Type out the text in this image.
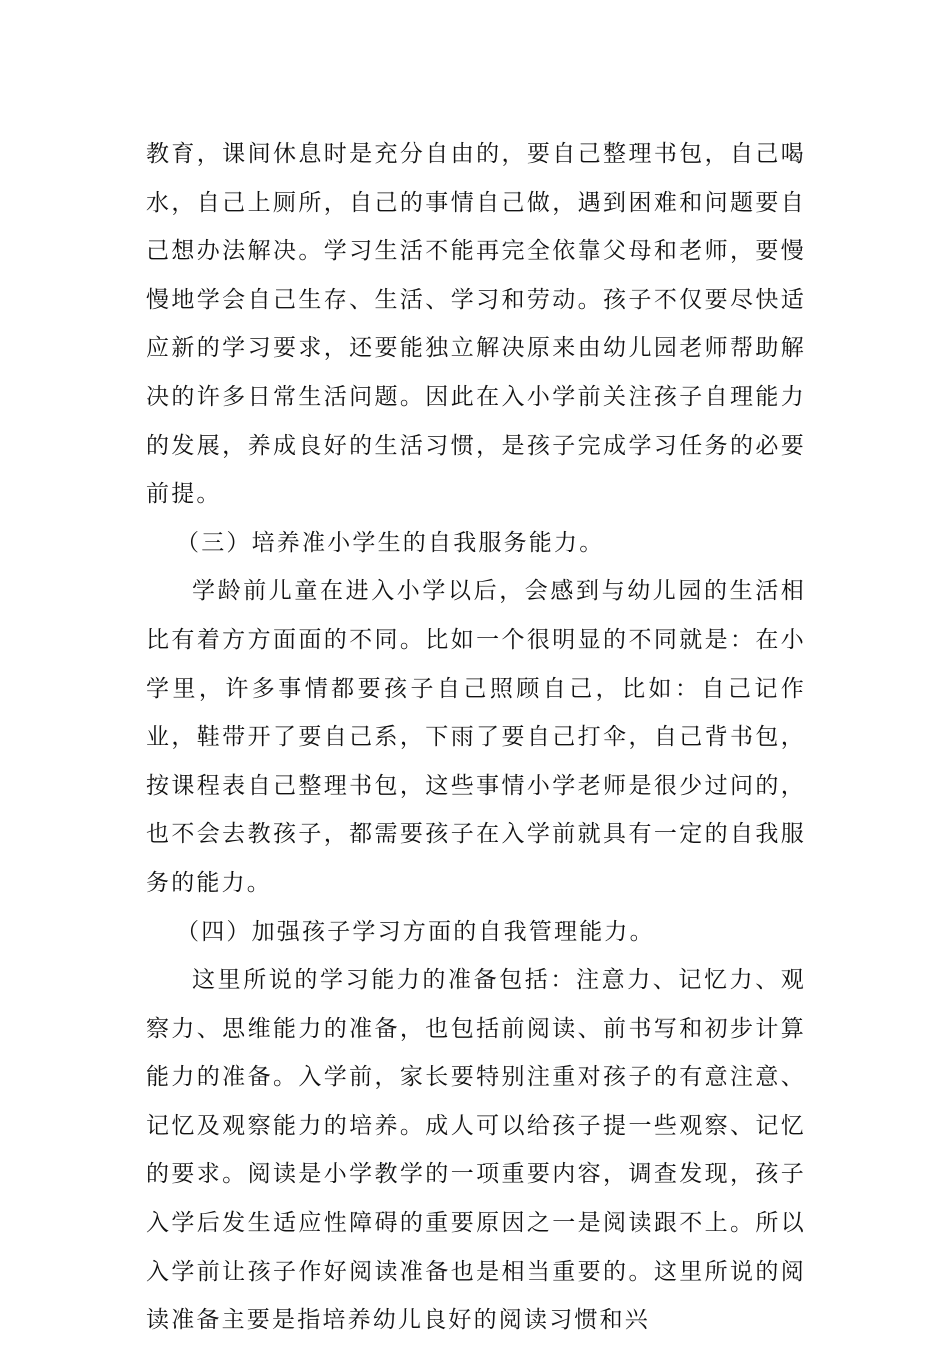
教育，课间休息时是充分自由的，要自己整理书包，自己喝水，自己上厕所，自己的事情自己做，遇到困难和问题要自己想办法解决。学习生活不能再完全依靠父母和老师，要慢慢地学会自己生存、生活、学习和劳动。孩子不仅要尽快适应新的学习要求，还要能独立解决原来由幼儿园老师帮助解决的许多日常生活问题。因此在入小学前关注孩子自理能力的发展，养成良好的生活习惯，是孩子完成学习任务的必要前提。

（三）培养准小学生的自我服务能力。

学龄前儿童在进入小学以后，会感到与幼儿园的生活相比有着方方面面的不同。比如一个很明显的不同就是：在小学里，许多事情都要孩子自己照顾自己，比如：自己记作业，鞋带开了要自己系，下雨了要自己打伞，自己背书包，按课程表自己整理书包，这些事情小学老师是很少过问的，也不会去教孩子，都需要孩子在入学前就具有一定的自我服务的能力。

（四）加强孩子学习方面的自我管理能力。

这里所说的学习能力的准备包括：注意力、记忆力、观察力、思维能力的准备，也包括前阅读、前书写和初步计算能力的准备。入学前，家长要特别注重对孩子的有意注意、记忆及观察能力的培养。成人可以给孩子提一些观察、记忆的要求。阅读是小学教学的一项重要内容，调查发现，孩子入学后发生适应性障碍的重要原因之一是阅读跟不上。所以入学前让孩子作好阅读准备也是相当重要的。这里所说的阅读准备主要是指培养幼儿良好的阅读习惯和兴
